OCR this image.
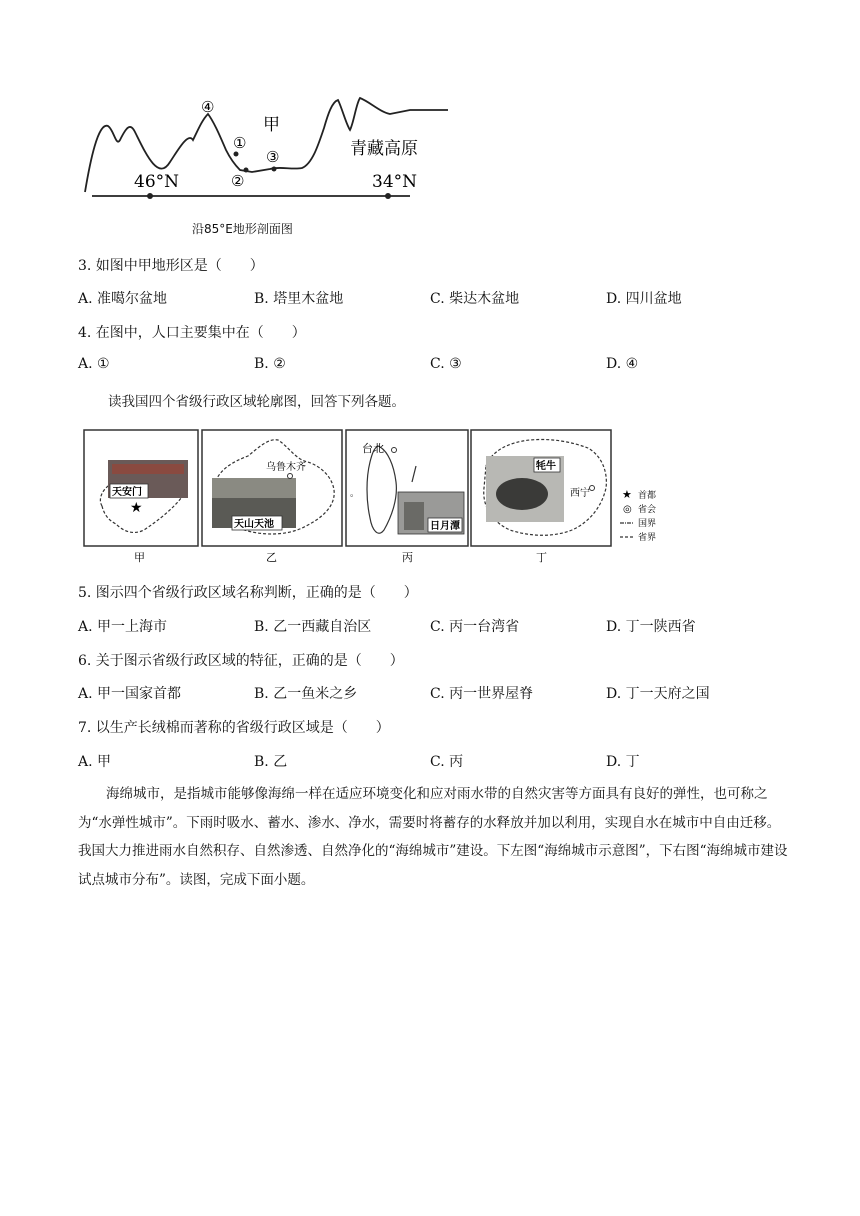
④
①
②
③
甲
青藏高原
46°N	34°N
沿85°E地形剖面图
3. 如图中甲地形区是（　　）
A. 准噶尔盆地	B. 塔里木盆地	C. 柴达木盆地	D. 四川盆地
4. 在图中，人口主要集中在（　　）
A. ①	B. ②	C. ③	D. ④
读我国四个省级行政区域轮廓图，回答下列各题。
天安门
★
天山天池
乌鲁木齐
台北
。
日月潭
牦牛
西宁	★ 首都
◎ 省会
国界
省界
甲	乙	丙	丁
5. 图示四个省级行政区域名称判断，正确的是（　　）
A. 甲一上海市	B. 乙一西藏自治区	C. 丙一台湾省	D. 丁一陕西省
6. 关于图示省级行政区域的特征，正确的是（　　）
A. 甲一国家首都	B. 乙一鱼米之乡	C. 丙一世界屋脊	D. 丁一天府之国
7. 以生产长绒棉而著称的省级行政区域是（　　）
A. 甲	B. 乙	C. 丙	D. 丁
海绵城市，是指城市能够像海绵一样在适应环境变化和应对雨水带的自然灾害等方面具有良好的弹性，也可称之为“水弹性城市”。下雨时吸水、蓄水、渗水、净水，需要时将蓄存的水释放并加以利用，实现自水在城市中自由迁移。我国大力推进雨水自然积存、自然渗透、自然净化的“海绵城市”建设。下左图“海绵城市示意图”，下右图“海绵城市建设试点城市分布”。读图，完成下面小题。
